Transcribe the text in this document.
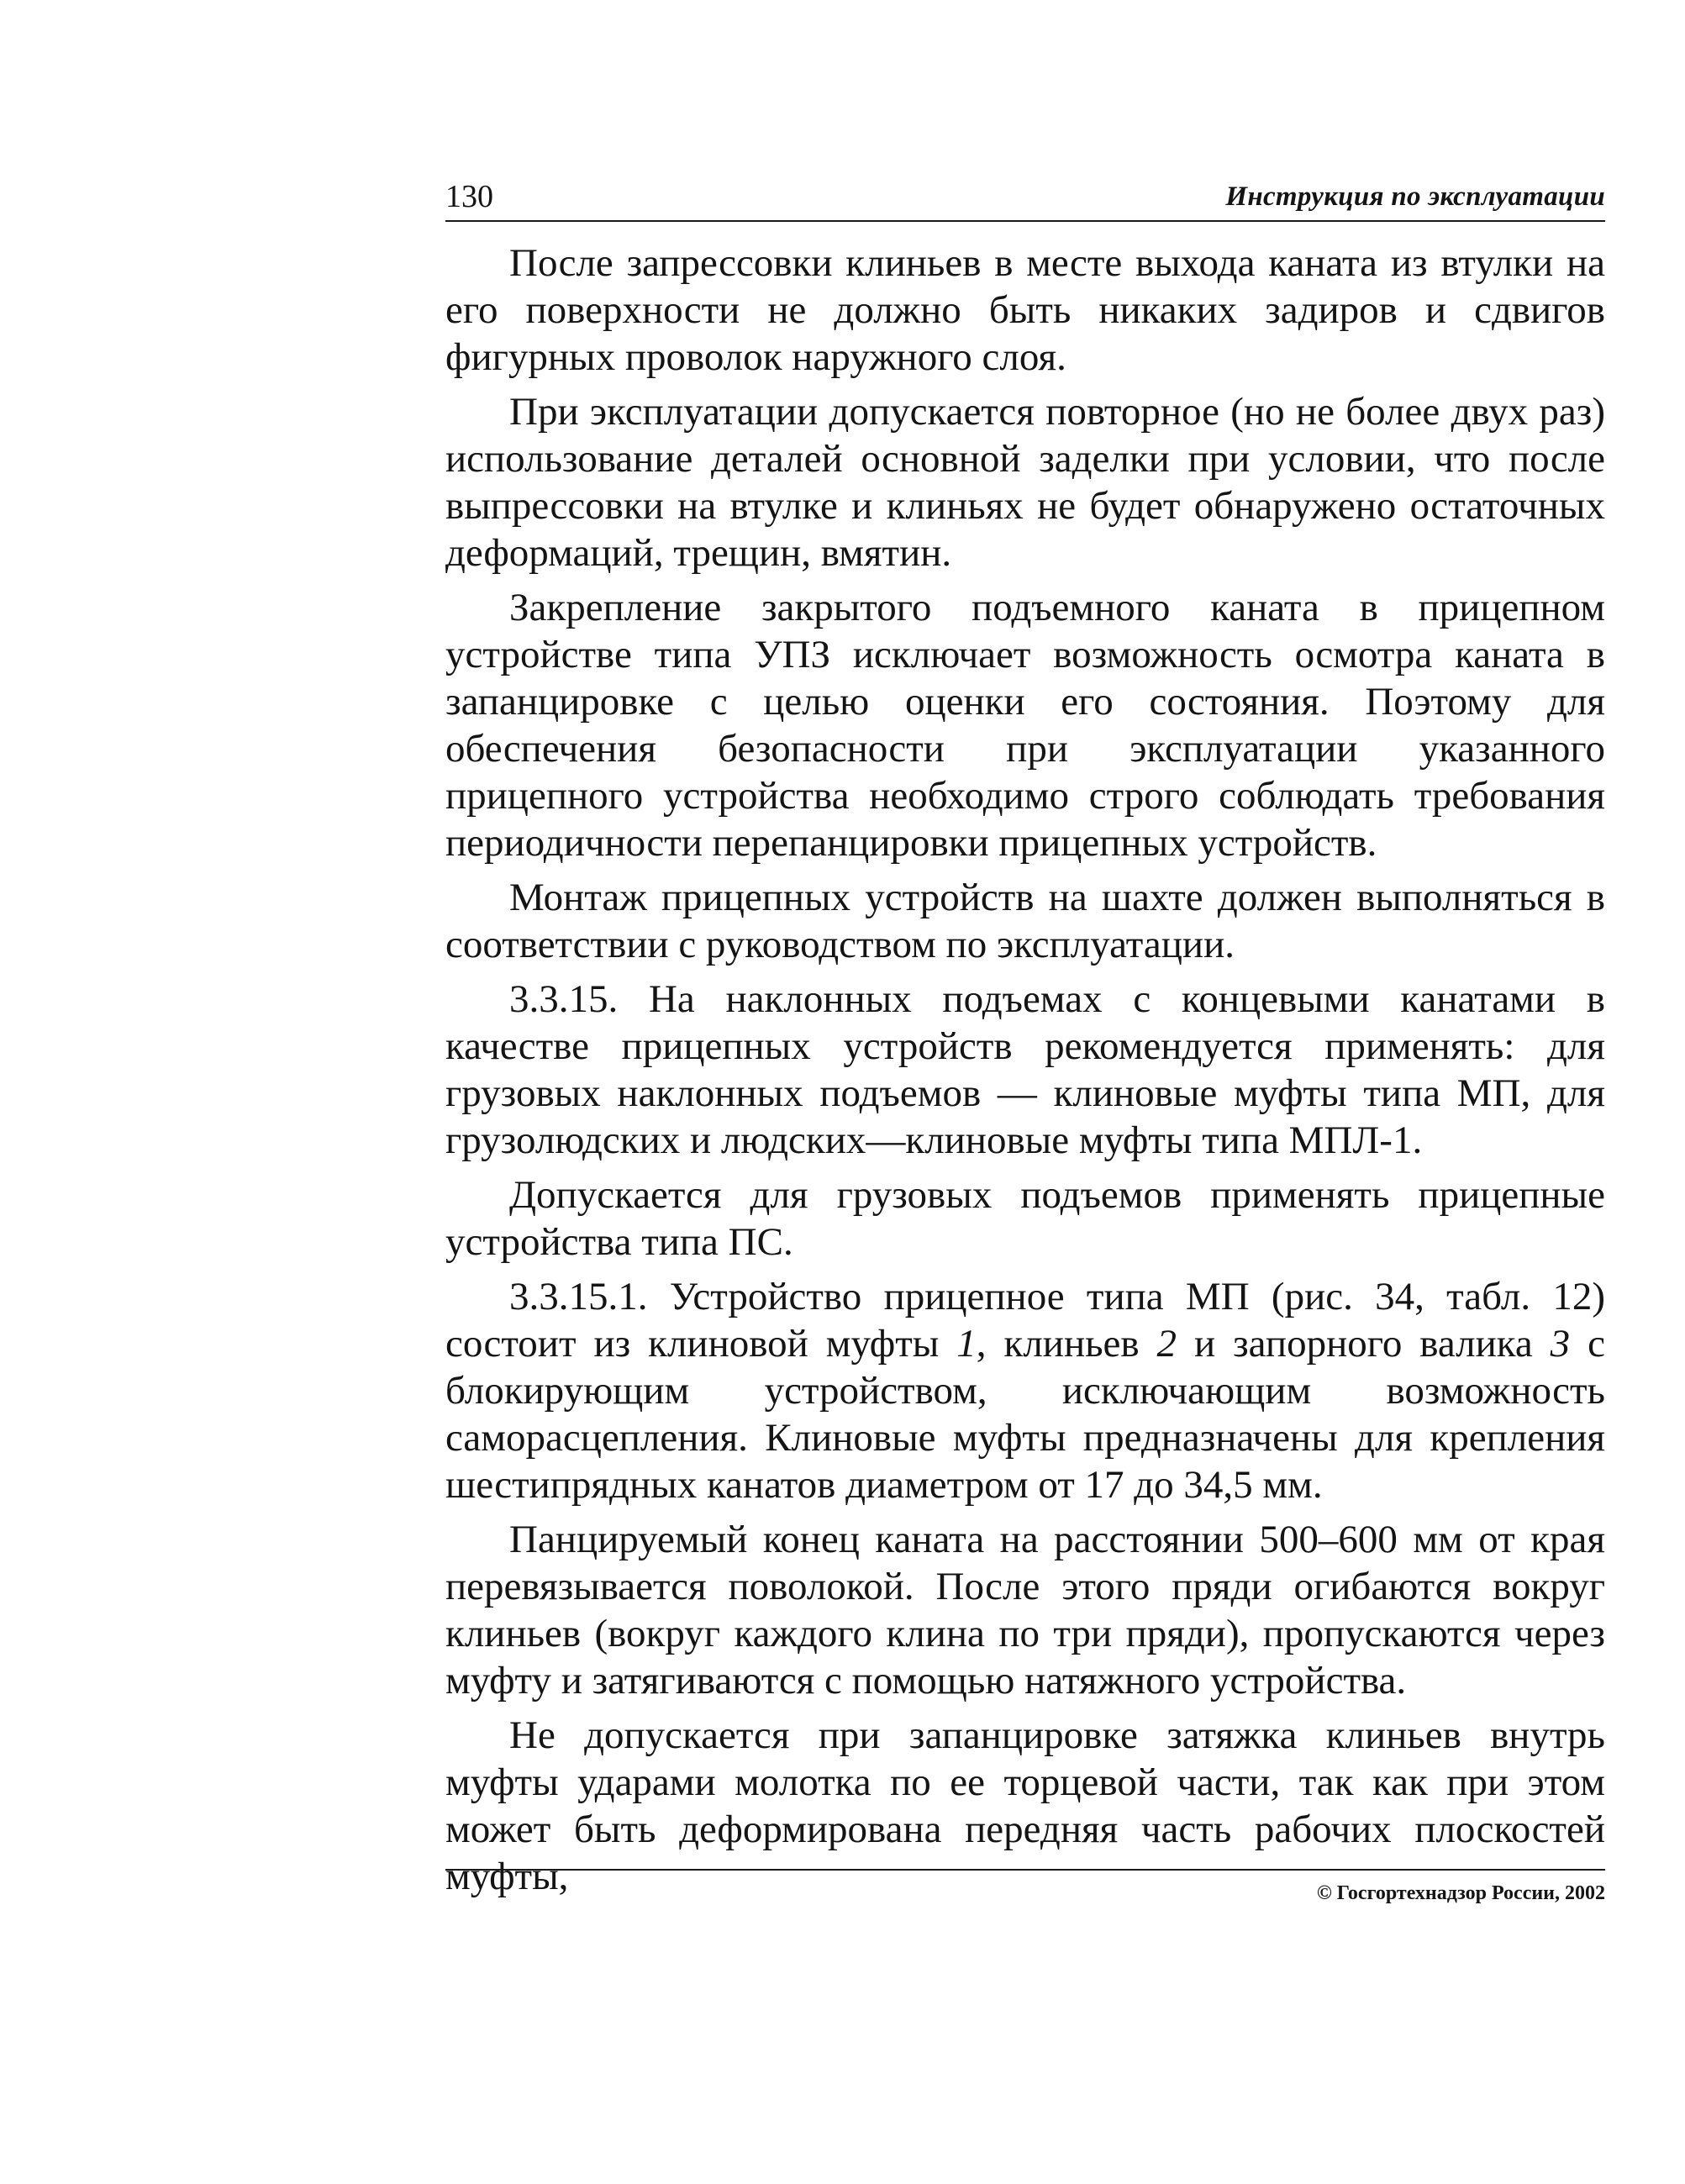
130	Инструкция по эксплуатации

После запрессовки клиньев в месте выхода каната из втулки на его поверхности не должно быть никаких задиров и сдвигов фигурных проволок наружного слоя.

При эксплуатации допускается повторное (но не более двух раз) использование деталей основной заделки при условии, что после выпрессовки на втулке и клиньях не будет обнаружено остаточных деформаций, трещин, вмятин.

Закрепление закрытого подъемного каната в прицепном устройстве типа УПЗ исключает возможность осмотра каната в запанцировке с целью оценки его состояния. Поэтому для обеспечения безопасности при эксплуатации указанного прицепного устройства необходимо строго соблюдать требования периодичности перепанцировки прицепных устройств.

Монтаж прицепных устройств на шахте должен выполняться в соответствии с руководством по эксплуатации.

3.3.15. На наклонных подъемах с концевыми канатами в качестве прицепных устройств рекомендуется применять: для грузовых наклонных подъемов — клиновые муфты типа МП, для грузолюдских и людских—клиновые муфты типа МПЛ-1.

Допускается для грузовых подъемов применять прицепные устройства типа ПС.

3.3.15.1. Устройство прицепное типа МП (рис. 34, табл. 12) состоит из клиновой муфты 1, клиньев 2 и запорного валика 3 с блокирующим устройством, исключающим возможность саморасцепления. Клиновые муфты предназначены для крепления шестипрядных канатов диаметром от 17 до 34,5 мм.

Панцируемый конец каната на расстоянии 500–600 мм от края перевязывается поволокой. После этого пряди огибаются вокруг клиньев (вокруг каждого клина по три пряди), пропускаются через муфту и затягиваются с помощью натяжного устройства.

Не допускается при запанцировке затяжка клиньев внутрь муфты ударами молотка по ее торцевой части, так как при этом может быть деформирована передняя часть рабочих плоскостей муфты,	© Госгортехнадзор России, 2002
